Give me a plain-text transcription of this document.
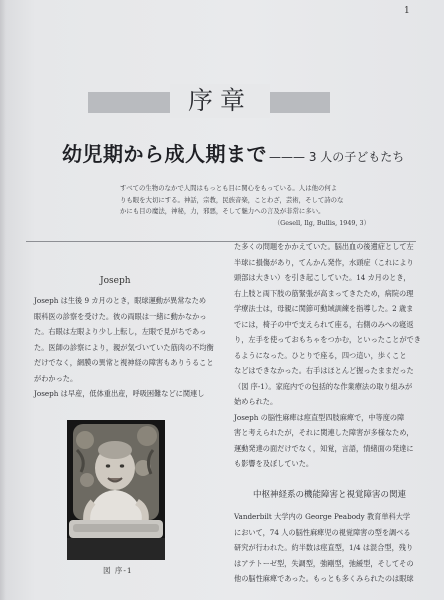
1
序章
幼児期から成人期まで ——— 3 人の子どもたち
すべての生物のなかで人間はもっとも目に関心をもっている。人は他の何よ
りも眼を大切にする。神話，宗教，民族音楽，ことわざ，芸術，そして詩のな
かにも目の魔法，神秘，力，邪悪，そして魅力への言及が非常に多い。
（Gesell, Ilg, Bullis, 1949, 3）
Joseph

Joseph は生後 9 カ月のとき，眼球運動が異常なため

眼科医の診察を受けた。彼の両眼は一緒に動かなかっ

た。右眼は左眼より少し上転し，左眼で見がちであっ

た。医師の診察により，親が気づいていた筋肉の不均衡

だけでなく，網膜の異常と視神経の障害もありうること

がわかった。

Joseph は早産，低体重出産，呼吸困難などに関連し

図 序-1

た多くの問題をかかえていた。脳出血の後遺症として左

半球に損傷があり，てんかん発作，水頭症（これにより

頭部は大きい）を引き起こしていた。14 カ月のとき，

右上肢と両下肢の筋緊張が高まってきたため，病院の理

学療法士は，母親に関節可動域訓練を指導した。2 歳ま

でには，椅子の中で支えられて座る，右側のみへの寝返

り，左手を使っておもちゃをつかむ，といったことができ

るようになった。ひとりで座る，四つ這い，歩くこと

などはできなかった。右手はほとんど握ったままだった

（図 序-1）。家庭内での包括的な作業療法の取り組みが

始められた。

Joseph の脳性麻痺は痙直型四肢麻痺で，中等度の障

害と考えられたが，それに関連した障害が多様なため，

運動発達の面だけでなく，知覚，言語，情緒面の発達に

も影響を及ぼしていた。

中枢神経系の機能障害と視覚障害の関連

Vanderbilt 大学内の George Peabody 教育単科大学

において，74 人の脳性麻痺児の視覚障害の型を調べる

研究が行われた。約半数は痙直型，1/4 は混合型，残り

はアテトーゼ型，失調型，強剛型，弛緩型，そしてその

他の脳性麻痺であった。もっとも多くみられたのは眼球
